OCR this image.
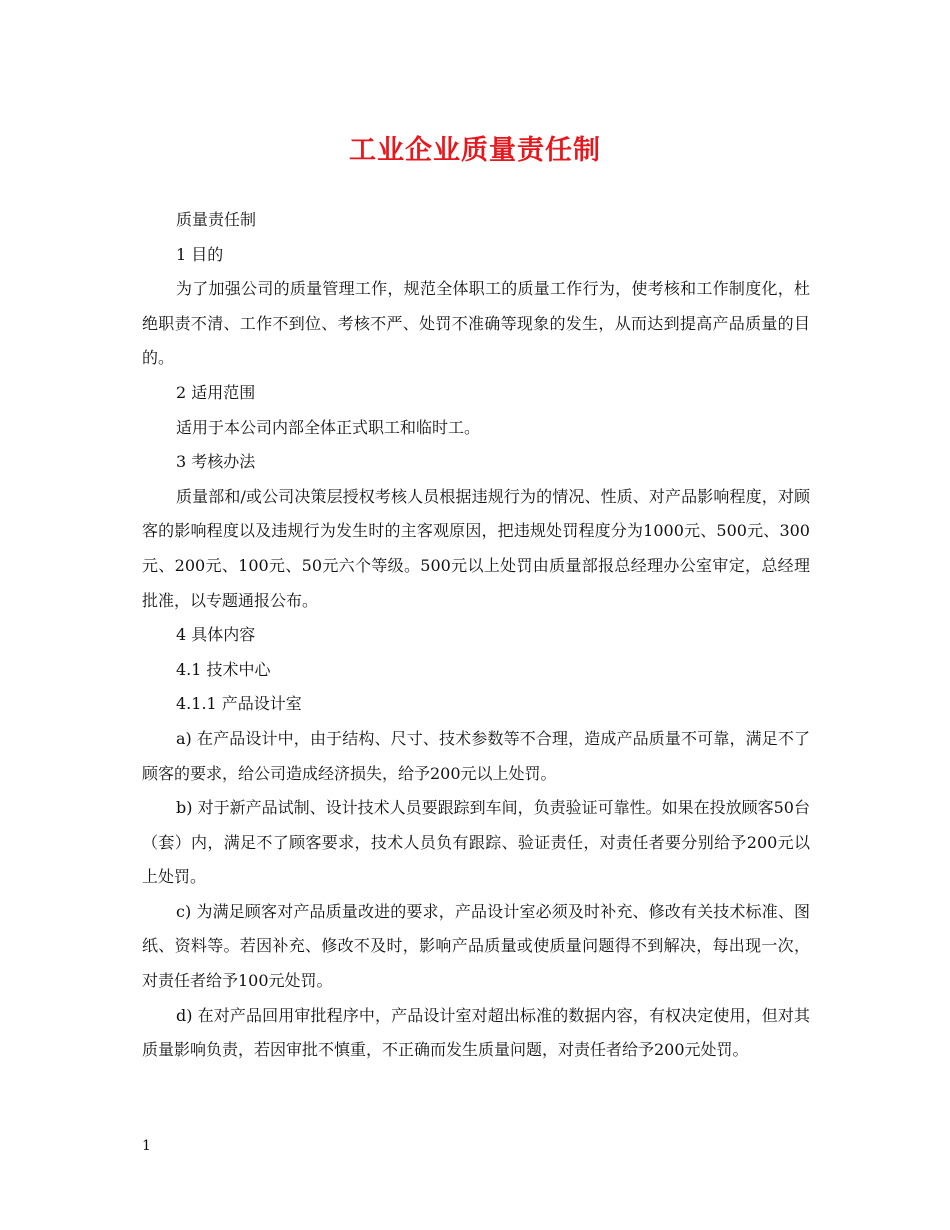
工业企业质量责任制

质量责任制

1 目的

为了加强公司的质量管理工作，规范全体职工的质量工作行为，使考核和工作制度化，杜绝职责不清、工作不到位、考核不严、处罚不准确等现象的发生，从而达到提高产品质量的目的。

2 适用范围

适用于本公司内部全体正式职工和临时工。

3 考核办法

质量部和/或公司决策层授权考核人员根据违规行为的情况、性质、对产品影响程度，对顾客的影响程度以及违规行为发生时的主客观原因，把违规处罚程度分为1000元、500元、300元、200元、100元、50元六个等级。500元以上处罚由质量部报总经理办公室审定，总经理批准，以专题通报公布。

4 具体内容

4.1 技术中心

4.1.1 产品设计室

a) 在产品设计中，由于结构、尺寸、技术参数等不合理，造成产品质量不可靠，满足不了顾客的要求，给公司造成经济损失，给予200元以上处罚。

b) 对于新产品试制、设计技术人员要跟踪到车间，负责验证可靠性。如果在投放顾客50台（套）内，满足不了顾客要求，技术人员负有跟踪、验证责任，对责任者要分别给予200元以上处罚。

c) 为满足顾客对产品质量改进的要求，产品设计室必须及时补充、修改有关技术标准、图纸、资料等。若因补充、修改不及时，影响产品质量或使质量问题得不到解决，每出现一次，对责任者给予100元处罚。

d) 在对产品回用审批程序中，产品设计室对超出标准的数据内容，有权决定使用，但对其质量影响负责，若因审批不慎重，不正确而发生质量问题，对责任者给予200元处罚。

1
